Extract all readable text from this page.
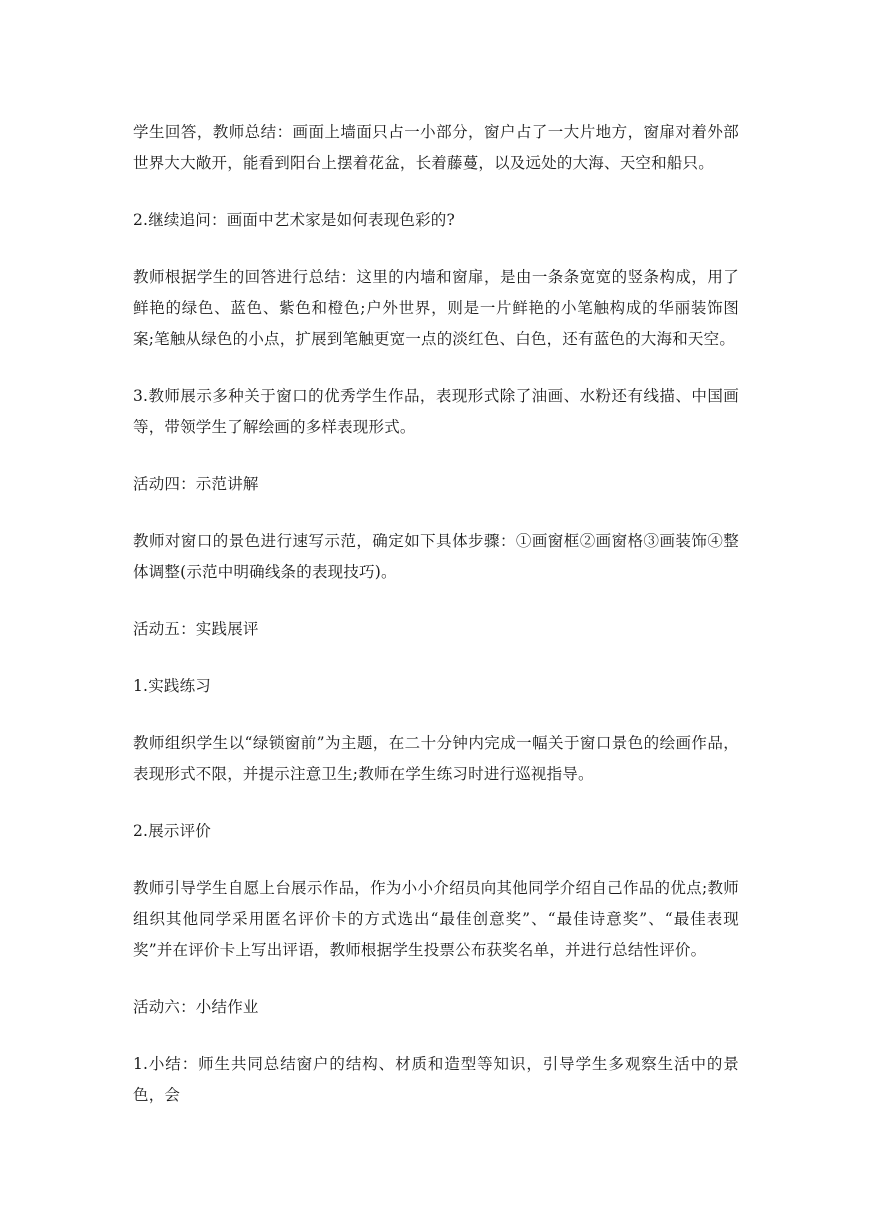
学生回答，教师总结：画面上墙面只占一小部分，窗户占了一大片地方，窗扉对着外部世界大大敞开，能看到阳台上摆着花盆，长着藤蔓，以及远处的大海、天空和船只。

2.继续追问：画面中艺术家是如何表现色彩的?

教师根据学生的回答进行总结：这里的内墙和窗扉，是由一条条宽宽的竖条构成，用了鲜艳的绿色、蓝色、紫色和橙色;户外世界，则是一片鲜艳的小笔触构成的华丽装饰图案;笔触从绿色的小点，扩展到笔触更宽一点的淡红色、白色，还有蓝色的大海和天空。

3.教师展示多种关于窗口的优秀学生作品，表现形式除了油画、水粉还有线描、中国画等，带领学生了解绘画的多样表现形式。

活动四：示范讲解

教师对窗口的景色进行速写示范，确定如下具体步骤：①画窗框②画窗格③画装饰④整体调整(示范中明确线条的表现技巧)。

活动五：实践展评

1.实践练习

教师组织学生以“绿锁窗前”为主题，在二十分钟内完成一幅关于窗口景色的绘画作品，表现形式不限，并提示注意卫生;教师在学生练习时进行巡视指导。

2.展示评价

教师引导学生自愿上台展示作品，作为小小介绍员向其他同学介绍自己作品的优点;教师组织其他同学采用匿名评价卡的方式选出“最佳创意奖”、“最佳诗意奖”、“最佳表现奖”并在评价卡上写出评语，教师根据学生投票公布获奖名单，并进行总结性评价。

活动六：小结作业

1.小结：师生共同总结窗户的结构、材质和造型等知识，引导学生多观察生活中的景色，会
